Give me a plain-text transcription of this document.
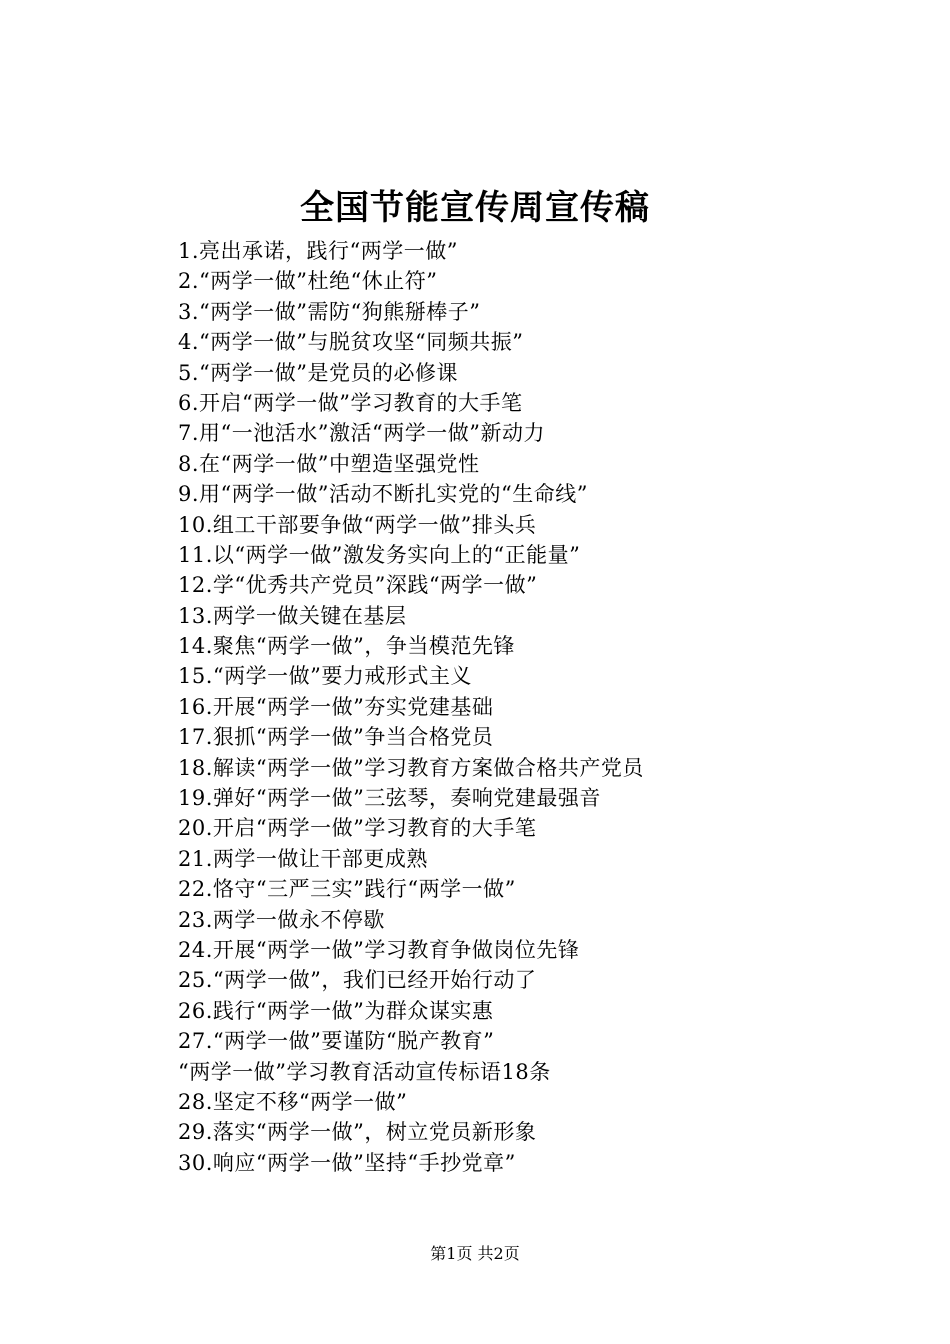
全国节能宣传周宣传稿
1.亮出承诺，践行“两学一做”
2.“两学一做”杜绝“休止符”
3.“两学一做”需防“狗熊掰棒子”
4.“两学一做”与脱贫攻坚“同频共振”
5.“两学一做”是党员的必修课
6.开启“两学一做”学习教育的大手笔
7.用“一池活水”激活“两学一做”新动力
8.在“两学一做”中塑造坚强党性
9.用“两学一做”活动不断扎实党的“生命线”
10.组工干部要争做“两学一做”排头兵
11.以“两学一做”激发务实向上的“正能量”
12.学“优秀共产党员”深践“两学一做”
13.两学一做关键在基层
14.聚焦“两学一做”，争当模范先锋
15.“两学一做”要力戒形式主义
16.开展“两学一做”夯实党建基础
17.狠抓“两学一做”争当合格党员
18.解读“两学一做”学习教育方案做合格共产党员
19.弹好“两学一做”三弦琴，奏响党建最强音
20.开启“两学一做”学习教育的大手笔
21.两学一做让干部更成熟
22.恪守“三严三实”践行“两学一做”
23.两学一做永不停歇
24.开展“两学一做”学习教育争做岗位先锋
25.“两学一做”，我们已经开始行动了
26.践行“两学一做”为群众谋实惠
27.“两学一做”要谨防“脱产教育”
“两学一做”学习教育活动宣传标语18条
28.坚定不移“两学一做”
29.落实“两学一做”，树立党员新形象
30.响应“两学一做”坚持“手抄党章”
第1页 共2页
